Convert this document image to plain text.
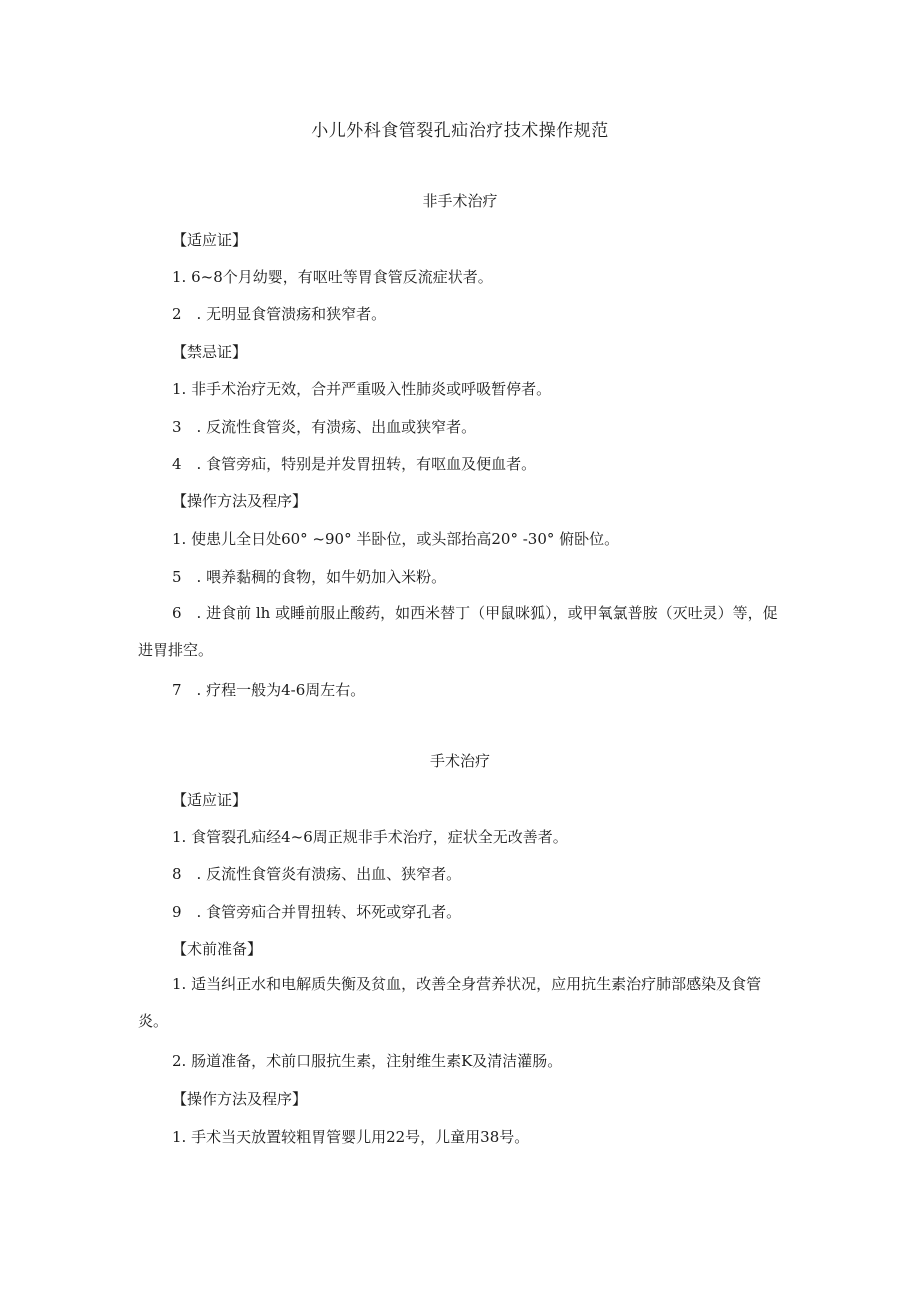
小儿外科食管裂孔疝治疗技术操作规范
非手术治疗
【适应证】
1. 6~8个月幼婴，有呕吐等胃食管反流症状者。
2　. 无明显食管溃疡和狭窄者。
【禁忌证】
1. 非手术治疗无效，合并严重吸入性肺炎或呼吸暂停者。
3　. 反流性食管炎，有溃疡、出血或狭窄者。
4　. 食管旁疝，特别是并发胃扭转，有呕血及便血者。
【操作方法及程序】
1. 使患儿全日处60° ~90° 半卧位，或头部抬高20° -30° 俯卧位。
5　. 喂养黏稠的食物，如牛奶加入米粉。
6　. 进食前 lh 或睡前服止酸药，如西米替丁（甲鼠咪狐），或甲氧氯普胺（灭吐灵）等，促进胃排空。
7　. 疗程一般为4-6周左右。
手术治疗
【适应证】
1. 食管裂孔疝经4~6周正规非手术治疗，症状全无改善者。
8　. 反流性食管炎有溃疡、出血、狭窄者。
9　. 食管旁疝合并胃扭转、坏死或穿孔者。
【术前准备】
1. 适当纠正水和电解质失衡及贫血，改善全身营养状况，应用抗生素治疗肺部感染及食管炎。
2. 肠道准备，术前口服抗生素，注射维生素K及清洁灌肠。
【操作方法及程序】
1. 手术当天放置较粗胃管婴儿用22号，儿童用38号。
